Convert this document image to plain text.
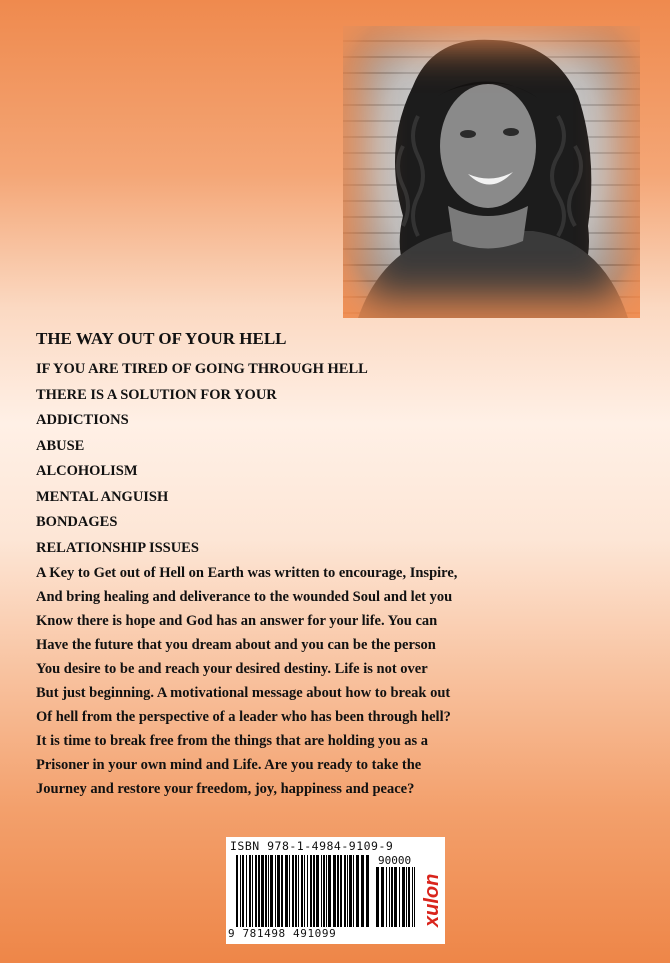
THE WAY OUT OF YOUR HELL
IF YOU ARE TIRED OF GOING THROUGH HELL
THERE IS A SOLUTION FOR YOUR
ADDICTIONS
ABUSE
ALCOHOLISM
MENTAL ANGUISH
BONDAGES
RELATIONSHIP ISSUES
A Key to Get out of Hell on Earth was written to encourage, Inspire,
And bring healing and deliverance to the wounded Soul and let you
Know there is hope and God has an answer for your life. You can
Have the future that you dream about and you can be the person
You desire to be and reach your desired destiny. Life is not over
But just beginning. A motivational message about how to break out
Of hell from the perspective of a leader who has been through hell?
It is time to break free from the things that are holding you as a
Prisoner in your own mind and Life. Are you ready to take the
Journey and restore your freedom, joy, happiness and peace?
ISBN 978-1-4984-9109-9
90000
9 781498 491099
xulon
